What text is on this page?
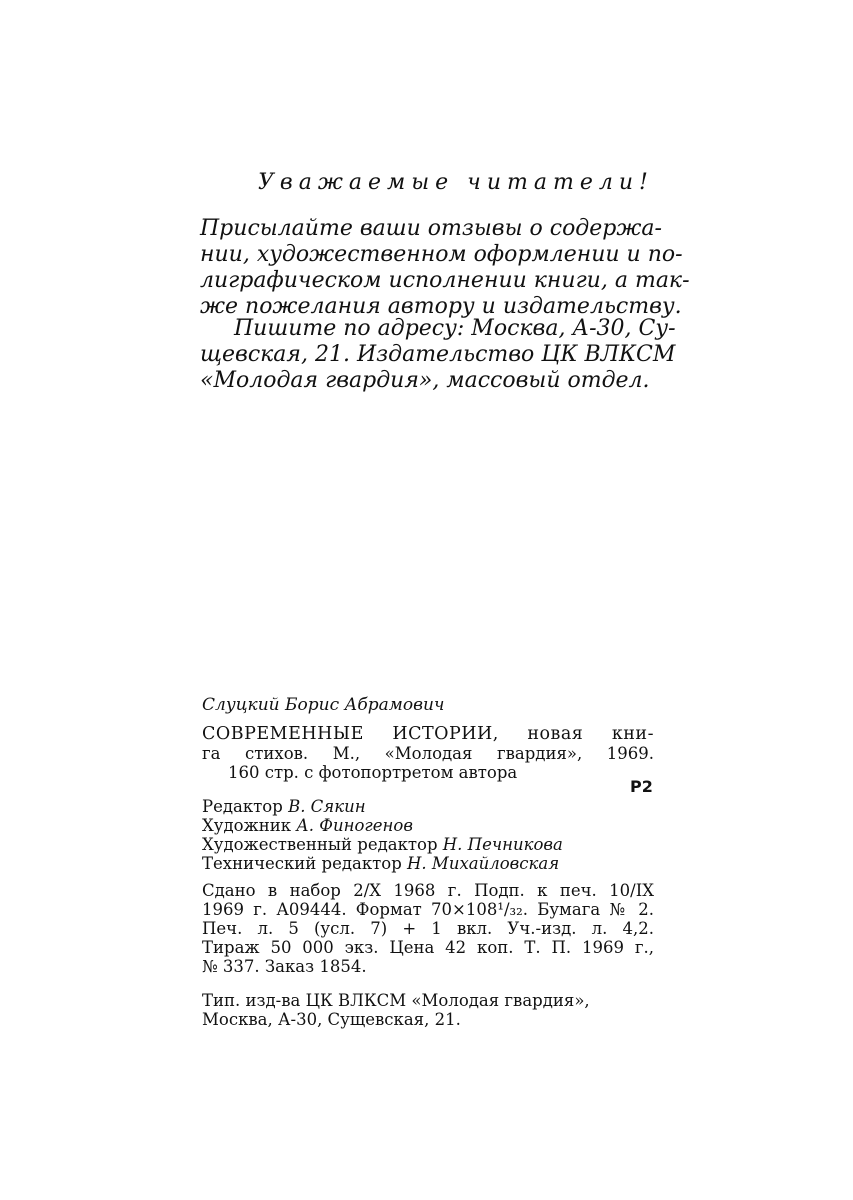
Уважаемые читатели!

Присылайте ваши отзывы о содержа-
нии, художественном оформлении и по-
лиграфическом исполнении книги, а так-
же пожелания автору и издательству.

Пишите по адресу: Москва, А-30, Су-
щевская, 21. Издательство ЦК ВЛКСМ
«Молодая гвардия», массовый отдел.

Слуцкий Борис Абрамович
СОВРЕМЕННЫЕ ИСТОРИИ, новая кни-
га стихов. М., «Молодая гвардия», 1969.
160 стр. с фотопортретом автора
Р2
Редактор В. Сякин
Художник А. Финогенов
Художественный редактор Н. Печникова
Технический редактор Н. Михайловская
Сдано в набор 2/X 1968 г. Подп. к печ. 10/IX
1969 г. А09444. Формат 70×108¹/₃₂. Бумага № 2.
Печ. л. 5 (усл. 7) + 1 вкл. Уч.-изд. л. 4,2.
Тираж 50 000 экз. Цена 42 коп. Т. П. 1969 г.,
№ 337. Заказ 1854.
Тип. изд-ва ЦК ВЛКСМ «Молодая гвардия»,
Москва, А-30, Сущевская, 21.
